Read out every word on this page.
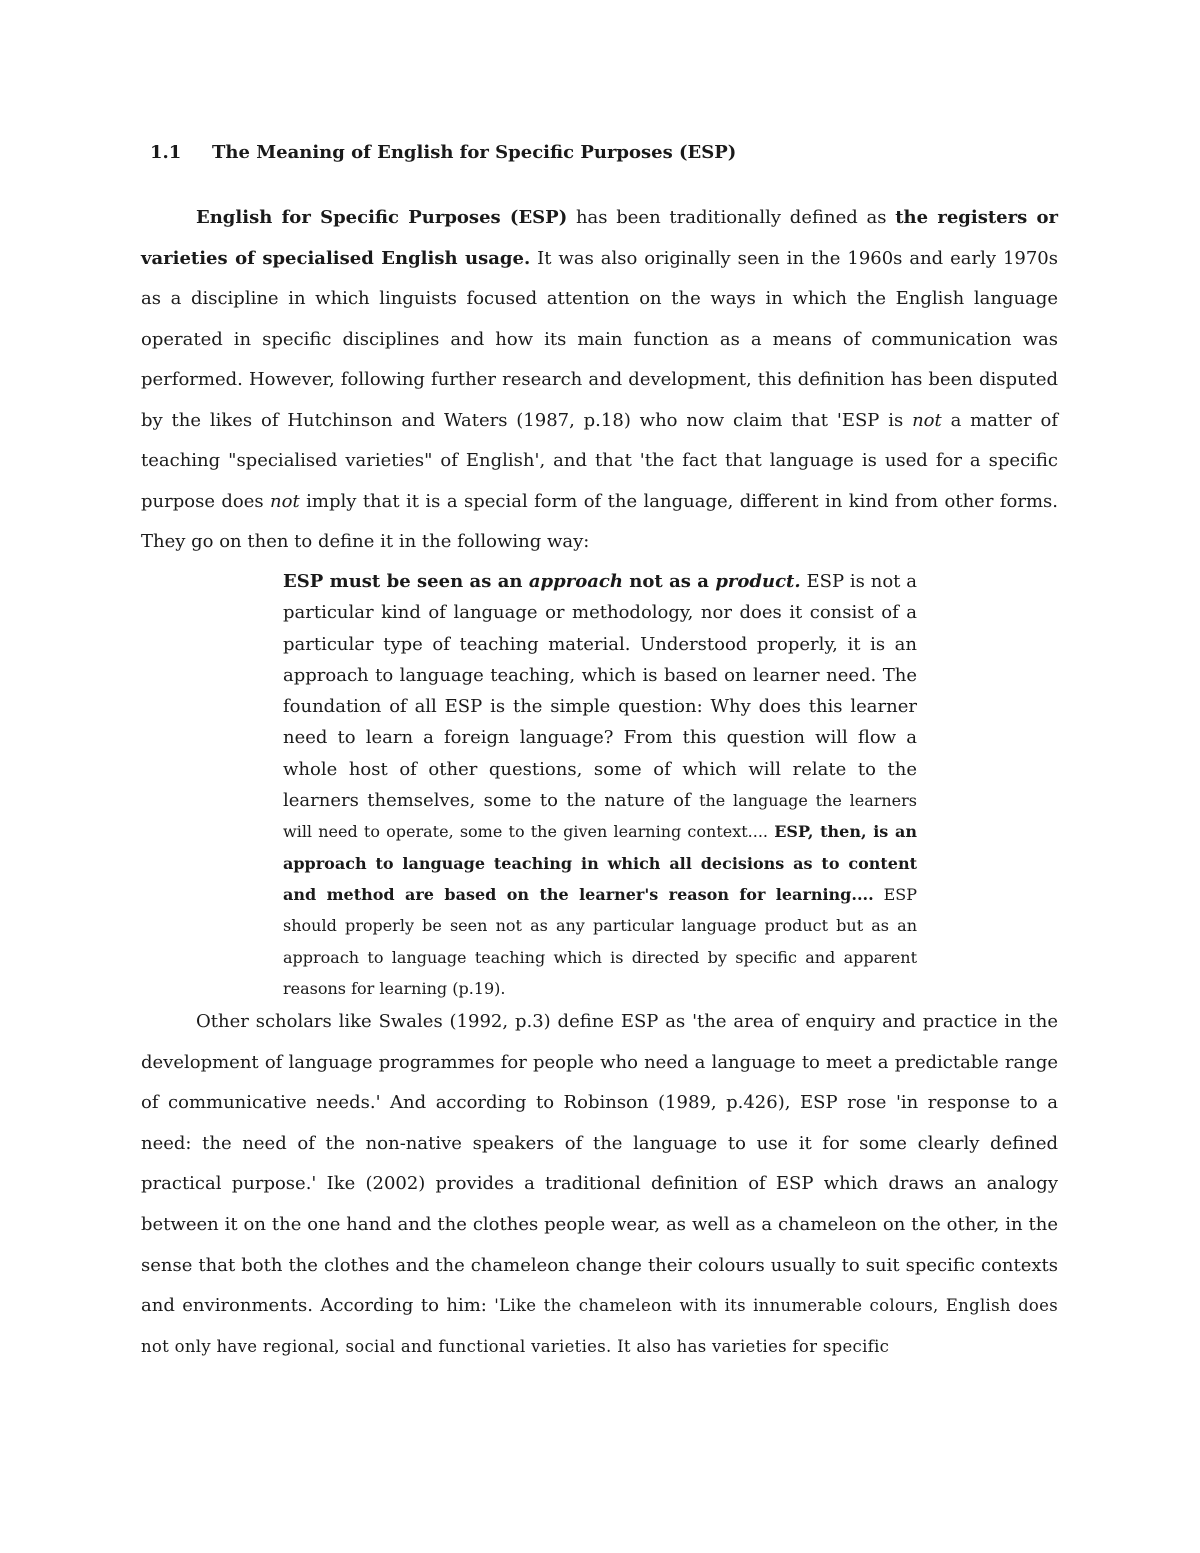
1.1 The Meaning of English for Specific Purposes (ESP)

English for Specific Purposes (ESP) has been traditionally defined as the registers or varieties of specialised English usage. It was also originally seen in the 1960s and early 1970s as a discipline in which linguists focused attention on the ways in which the English language operated in specific disciplines and how its main function as a means of communication was performed. However, following further research and development, this definition has been disputed by the likes of Hutchinson and Waters (1987, p.18) who now claim that 'ESP is not a matter of teaching "specialised varieties" of English', and that 'the fact that language is used for a specific purpose does not imply that it is a special form of the language, different in kind from other forms. They go on then to define it in the following way:

ESP must be seen as an approach not as a product. ESP is not a particular kind of language or methodology, nor does it consist of a particular type of teaching material. Understood properly, it is an approach to language teaching, which is based on learner need. The foundation of all ESP is the simple question: Why does this learner need to learn a foreign language? From this question will flow a whole host of other questions, some of which will relate to the learners themselves, some to the nature of the language the learners will need to operate, some to the given learning context.... ESP, then, is an approach to language teaching in which all decisions as to content and method are based on the learner's reason for learning.... ESP should properly be seen not as any particular language product but as an approach to language teaching which is directed by specific and apparent reasons for learning (p.19).

Other scholars like Swales (1992, p.3) define ESP as 'the area of enquiry and practice in the development of language programmes for people who need a language to meet a predictable range of communicative needs.' And according to Robinson (1989, p.426), ESP rose 'in response to a need: the need of the non-native speakers of the language to use it for some clearly defined practical purpose.' Ike (2002) provides a traditional definition of ESP which draws an analogy between it on the one hand and the clothes people wear, as well as a chameleon on the other, in the sense that both the clothes and the chameleon change their colours usually to suit specific contexts and environments. According to him: 'Like the chameleon with its innumerable colours, English does not only have regional, social and functional varieties. It also has varieties for specific
